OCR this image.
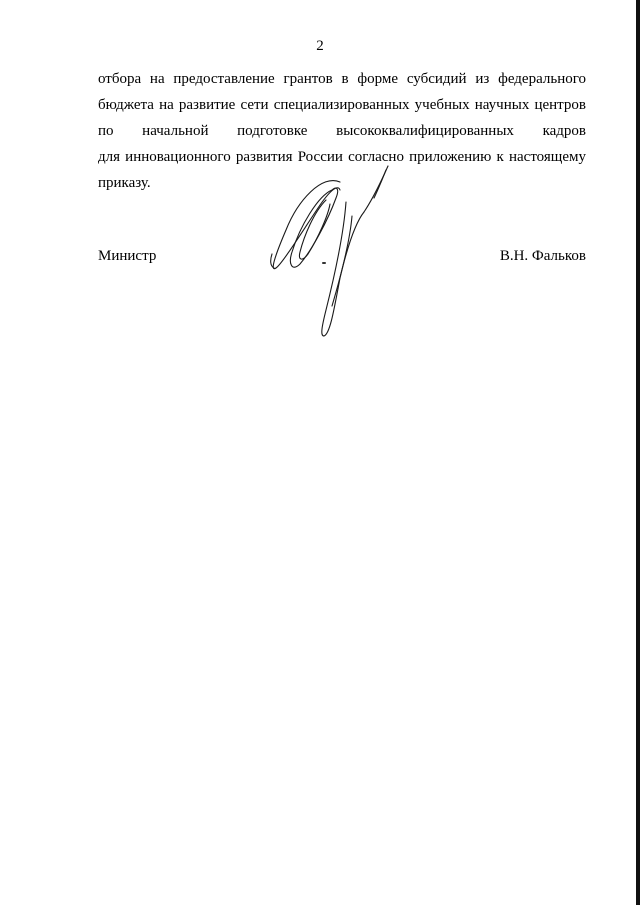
2
отбора на предоставление грантов в форме субсидий из федерального
бюджета на развитие сети специализированных учебных научных центров
по начальной подготовке высококвалифицированных кадров
для инновационного развития России согласно приложению к настоящему
приказу.
Министр	В.Н. Фальков
